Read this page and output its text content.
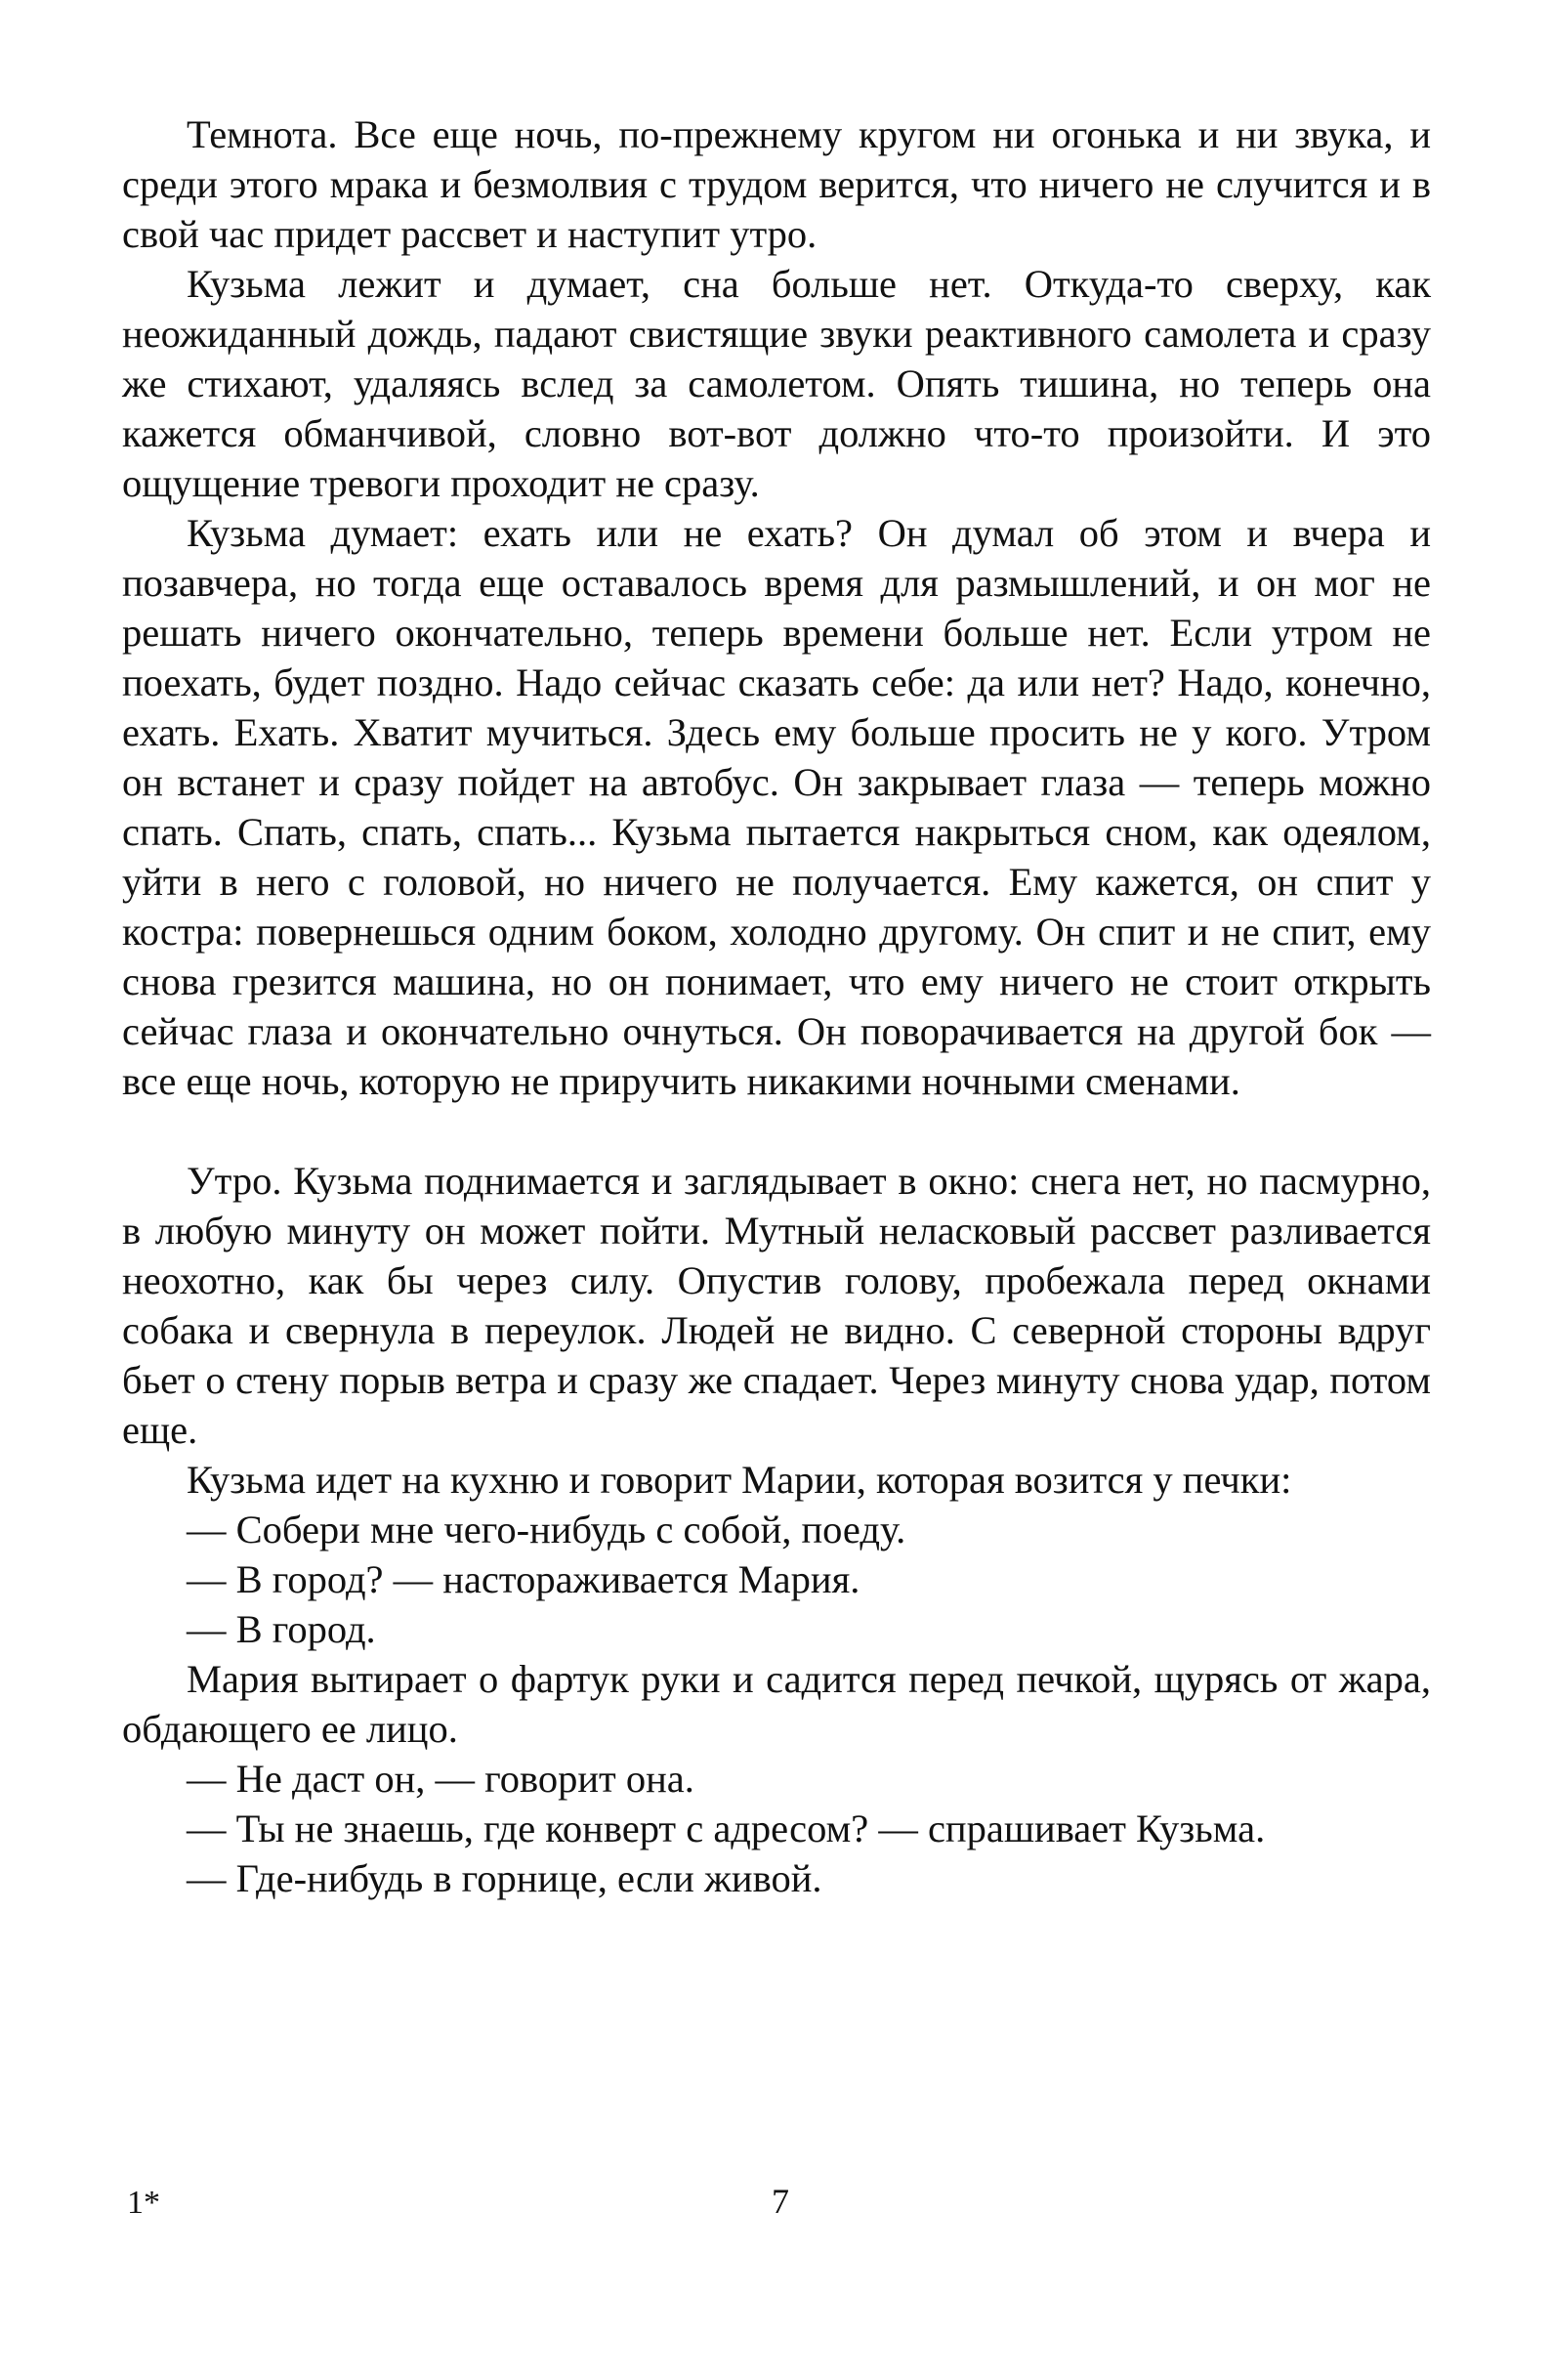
Темнота. Все еще ночь, по-прежнему кругом ни огонька и ни звука, и среди этого мрака и безмолвия с трудом верится, что ничего не случится и в свой час придет рассвет и наступит утро.

Кузьма лежит и думает, сна больше нет. Откуда-то сверху, как неожиданный дождь, падают свистящие звуки реактивного самолета и сразу же стихают, удаляясь вслед за самолетом. Опять тишина, но теперь она кажется обманчивой, словно вот-вот должно что-то произойти. И это ощущение тревоги проходит не сразу.

Кузьма думает: ехать или не ехать? Он думал об этом и вчера и позавчера, но тогда еще оставалось время для размышлений, и он мог не решать ничего окончательно, теперь времени больше нет. Если утром не поехать, будет поздно. Надо сейчас сказать себе: да или нет? Надо, конечно, ехать. Ехать. Хватит мучиться. Здесь ему больше просить не у кого. Утром он встанет и сразу пойдет на автобус. Он закрывает глаза — теперь можно спать. Спать, спать, спать... Кузьма пытается накрыться сном, как одеялом, уйти в него с головой, но ничего не получается. Ему кажется, он спит у костра: повернешься одним боком, холодно другому. Он спит и не спит, ему снова грезится машина, но он понимает, что ему ничего не стоит открыть сейчас глаза и окончательно очнуться. Он поворачивается на другой бок — все еще ночь, которую не приручить никакими ночными сменами.

Утро. Кузьма поднимается и заглядывает в окно: снега нет, но пасмурно, в любую минуту он может пойти. Мутный неласковый рассвет разливается неохотно, как бы через силу. Опустив голову, пробежала перед окнами собака и свернула в переулок. Людей не видно. С северной стороны вдруг бьет о стену порыв ветра и сразу же спадает. Через минуту снова удар, потом еще.

Кузьма идет на кухню и говорит Марии, которая возится у печки:

— Собери мне чего-нибудь с собой, поеду.

— В город? — настораживается Мария.

— В город.

Мария вытирает о фартук руки и садится перед печкой, щурясь от жара, обдающего ее лицо.

— Не даст он, — говорит она.

— Ты не знаешь, где конверт с адресом? — спрашивает Кузьма.

— Где-нибудь в горнице, если живой.

1*	7
